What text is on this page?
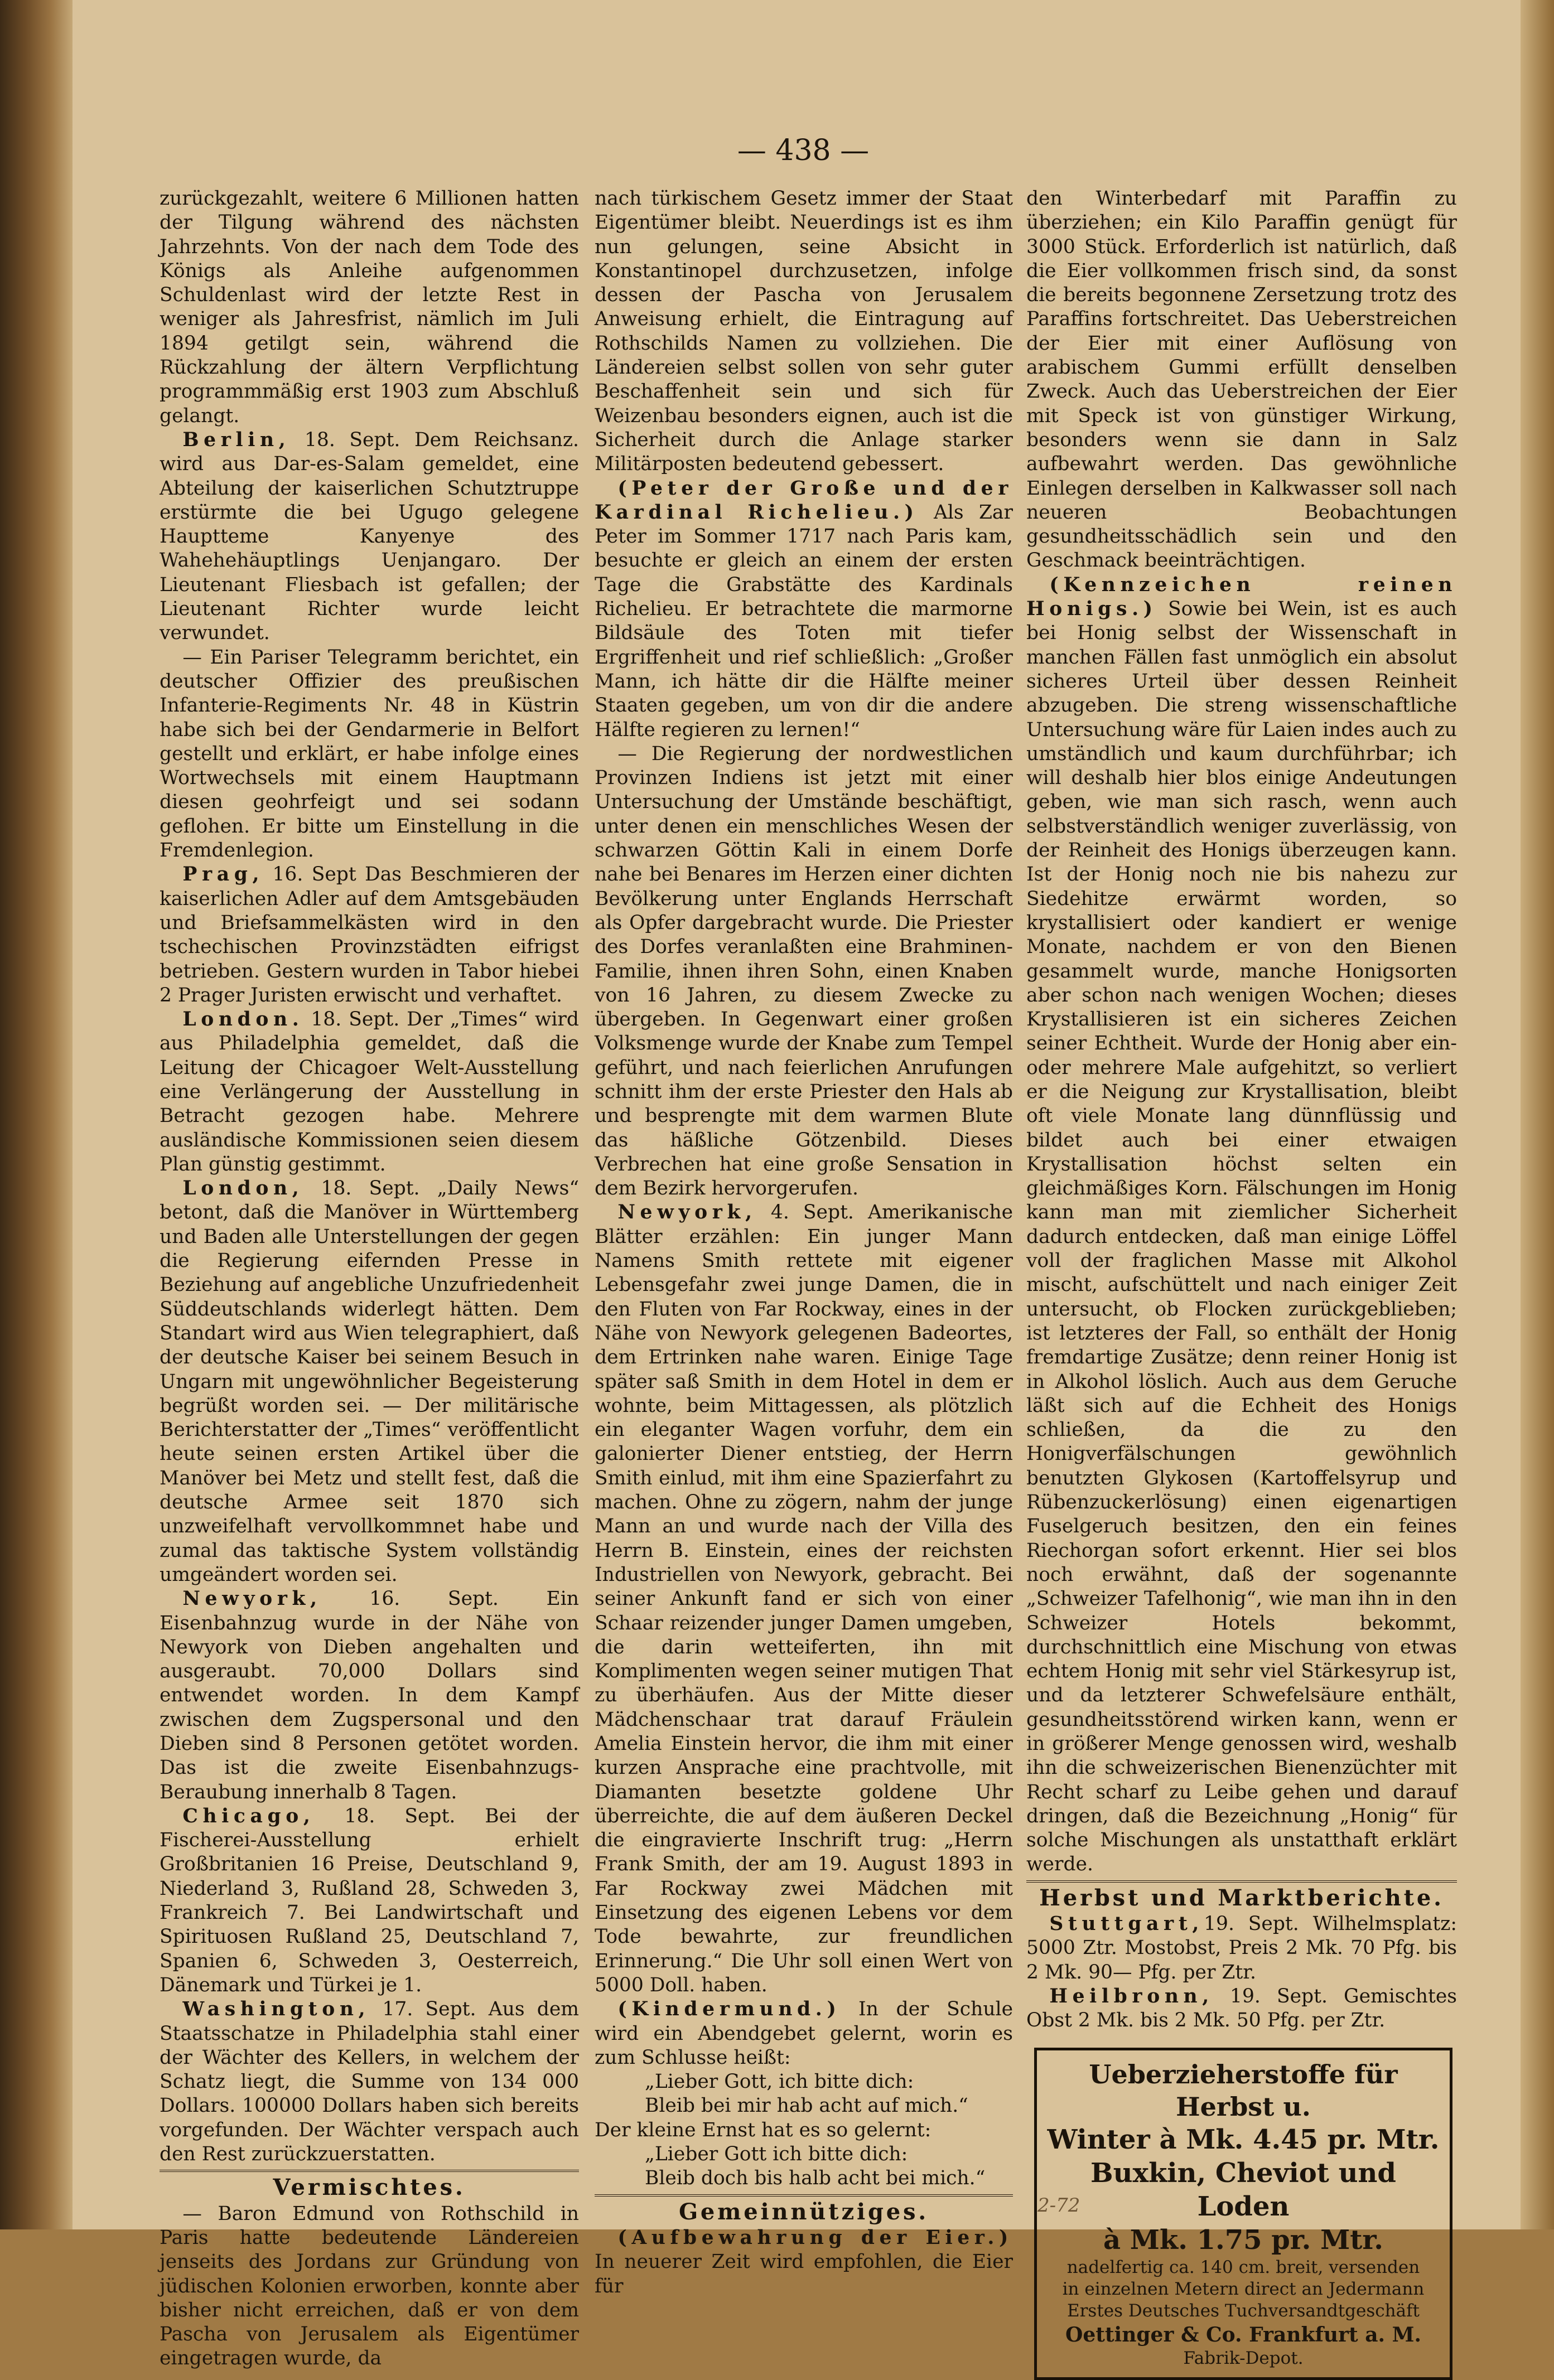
— 438 —

zurückgezahlt, weitere 6 Millionen hatten der Tilgung während des nächsten Jahrzehnts. Von der nach dem Tode des Königs als Anleihe aufgenommen Schuldenlast wird der letzte Rest in weniger als Jahresfrist, nämlich im Juli 1894 getilgt sein, während die Rückzahlung der ältern Verpflichtung programmmäßig erst 1903 zum Abschluß gelangt.

Berlin, 18. Sept. Dem Reichsanz. wird aus Dar-es-Salam gemeldet, eine Abteilung der kaiserlichen Schutztruppe erstürmte die bei Ugugo gelegene Hauptteme Kanyenye des Wahehehäuptlings Uenjangaro. Der Lieutenant Fliesbach ist gefallen; der Lieutenant Richter wurde leicht verwundet.

— Ein Pariser Telegramm berichtet, ein deutscher Offizier des preußischen Infanterie-Regiments Nr. 48 in Küstrin habe sich bei der Gendarmerie in Belfort gestellt und erklärt, er habe infolge eines Wortwechsels mit einem Hauptmann diesen geohrfeigt und sei sodann geflohen. Er bitte um Einstellung in die Fremdenlegion.

Prag, 16. Sept Das Beschmieren der kaiserlichen Adler auf dem Amtsgebäuden und Briefsammelkästen wird in den tschechischen Provinzstädten eifrigst betrieben. Gestern wurden in Tabor hiebei 2 Prager Juristen erwischt und verhaftet.

London. 18. Sept. Der „Times“ wird aus Philadelphia gemeldet, daß die Leitung der Chicagoer Welt-Ausstellung eine Verlängerung der Ausstellung in Betracht gezogen habe. Mehrere ausländische Kommissionen seien diesem Plan günstig gestimmt.

London, 18. Sept. „Daily News“ betont, daß die Manöver in Württemberg und Baden alle Unterstellungen der gegen die Regierung eifernden Presse in Beziehung auf angebliche Unzufriedenheit Süddeutschlands widerlegt hätten. Dem Standart wird aus Wien telegraphiert, daß der deutsche Kaiser bei seinem Besuch in Ungarn mit ungewöhnlicher Begeisterung begrüßt worden sei. — Der militärische Berichterstatter der „Times“ veröffentlicht heute seinen ersten Artikel über die Manöver bei Metz und stellt fest, daß die deutsche Armee seit 1870 sich unzweifelhaft vervollkommnet habe und zumal das taktische System vollständig umgeändert worden sei.

Newyork, 16. Sept. Ein Eisenbahnzug wurde in der Nähe von Newyork von Dieben angehalten und ausgeraubt. 70,000 Dollars sind entwendet worden. In dem Kampf zwischen dem Zugspersonal und den Dieben sind 8 Personen getötet worden. Das ist die zweite Eisenbahnzugs-Beraubung innerhalb 8 Tagen.

Chicago, 18. Sept. Bei der Fischerei-Ausstellung erhielt Großbritanien 16 Preise, Deutschland 9, Niederland 3, Rußland 28, Schweden 3, Frankreich 7. Bei Landwirtschaft und Spirituosen Rußland 25, Deutschland 7, Spanien 6, Schweden 3, Oesterreich, Dänemark und Türkei je 1.

Washington, 17. Sept. Aus dem Staatsschatze in Philadelphia stahl einer der Wächter des Kellers, in welchem der Schatz liegt, die Summe von 134 000 Dollars. 100000 Dollars haben sich bereits vorgefunden. Der Wächter verspach auch den Rest zurückzuerstatten.

Vermischtes.

— Baron Edmund von Rothschild in Paris hatte bedeutende Ländereien jenseits des Jordans zur Gründung von jüdischen Kolonien erworben, konnte aber bisher nicht erreichen, daß er von dem Pascha von Jerusalem als Eigentümer eingetragen wurde, da

nach türkischem Gesetz immer der Staat Eigentümer bleibt. Neuerdings ist es ihm nun gelungen, seine Absicht in Konstantinopel durchzusetzen, infolge dessen der Pascha von Jerusalem Anweisung erhielt, die Eintragung auf Rothschilds Namen zu vollziehen. Die Ländereien selbst sollen von sehr guter Beschaffenheit sein und sich für Weizenbau besonders eignen, auch ist die Sicherheit durch die Anlage starker Militärposten bedeutend gebessert.

(Peter der Große und der Kardinal Richelieu.) Als Zar Peter im Sommer 1717 nach Paris kam, besuchte er gleich an einem der ersten Tage die Grabstätte des Kardinals Richelieu. Er betrachtete die marmorne Bildsäule des Toten mit tiefer Ergriffenheit und rief schließlich: „Großer Mann, ich hätte dir die Hälfte meiner Staaten gegeben, um von dir die andere Hälfte regieren zu lernen!“

— Die Regierung der nordwestlichen Provinzen Indiens ist jetzt mit einer Untersuchung der Umstände beschäftigt, unter denen ein menschliches Wesen der schwarzen Göttin Kali in einem Dorfe nahe bei Benares im Herzen einer dichten Bevölkerung unter Englands Herrschaft als Opfer dargebracht wurde. Die Priester des Dorfes veranlaßten eine Brahminen-Familie, ihnen ihren Sohn, einen Knaben von 16 Jahren, zu diesem Zwecke zu übergeben. In Gegenwart einer großen Volksmenge wurde der Knabe zum Tempel geführt, und nach feierlichen Anrufungen schnitt ihm der erste Priester den Hals ab und besprengte mit dem warmen Blute das häßliche Götzenbild. Dieses Verbrechen hat eine große Sensation in dem Bezirk hervorgerufen.

Newyork, 4. Sept. Amerikanische Blätter erzählen: Ein junger Mann Namens Smith rettete mit eigener Lebensgefahr zwei junge Damen, die in den Fluten von Far Rockway, eines in der Nähe von Newyork gelegenen Badeortes, dem Ertrinken nahe waren. Einige Tage später saß Smith in dem Hotel in dem er wohnte, beim Mittagessen, als plötzlich ein eleganter Wagen vorfuhr, dem ein galonierter Diener entstieg, der Herrn Smith einlud, mit ihm eine Spazierfahrt zu machen. Ohne zu zögern, nahm der junge Mann an und wurde nach der Villa des Herrn B. Einstein, eines der reichsten Industriellen von Newyork, gebracht. Bei seiner Ankunft fand er sich von einer Schaar reizender junger Damen umgeben, die darin wetteiferten, ihn mit Komplimenten wegen seiner mutigen That zu überhäufen. Aus der Mitte dieser Mädchenschaar trat darauf Fräulein Amelia Einstein hervor, die ihm mit einer kurzen Ansprache eine prachtvolle, mit Diamanten besetzte goldene Uhr überreichte, die auf dem äußeren Deckel die eingravierte Inschrift trug: „Herrn Frank Smith, der am 19. August 1893 in Far Rockway zwei Mädchen mit Einsetzung des eigenen Lebens vor dem Tode bewahrte, zur freundlichen Erinnerung.“ Die Uhr soll einen Wert von 5000 Doll. haben.

(Kindermund.) In der Schule wird ein Abendgebet gelernt, worin es zum Schlusse heißt:

„Lieber Gott, ich bitte dich:

Bleib bei mir hab acht auf mich.“

Der kleine Ernst hat es so gelernt:

„Lieber Gott ich bitte dich:

Bleib doch bis halb acht bei mich.“

Gemeinnütziges.

(Aufbewahrung der Eier.) In neuerer Zeit wird empfohlen, die Eier für

den Winterbedarf mit Paraffin zu überziehen; ein Kilo Paraffin genügt für 3000 Stück. Erforderlich ist natürlich, daß die Eier vollkommen frisch sind, da sonst die bereits begonnene Zersetzung trotz des Paraffins fortschreitet. Das Ueberstreichen der Eier mit einer Auflösung von arabischem Gummi erfüllt denselben Zweck. Auch das Ueberstreichen der Eier mit Speck ist von günstiger Wirkung, besonders wenn sie dann in Salz aufbewahrt werden. Das gewöhnliche Einlegen derselben in Kalkwasser soll nach neueren Beobachtungen gesundheitsschädlich sein und den Geschmack beeinträchtigen.

(Kennzeichen reinen Honigs.) Sowie bei Wein, ist es auch bei Honig selbst der Wissenschaft in manchen Fällen fast unmöglich ein absolut sicheres Urteil über dessen Reinheit abzugeben. Die streng wissenschaftliche Untersuchung wäre für Laien indes auch zu umständlich und kaum durchführbar; ich will deshalb hier blos einige Andeutungen geben, wie man sich rasch, wenn auch selbstverständlich weniger zuverlässig, von der Reinheit des Honigs überzeugen kann. Ist der Honig noch nie bis nahezu zur Siedehitze erwärmt worden, so krystallisiert oder kandiert er wenige Monate, nachdem er von den Bienen gesammelt wurde, manche Honigsorten aber schon nach wenigen Wochen; dieses Krystallisieren ist ein sicheres Zeichen seiner Echtheit. Wurde der Honig aber ein- oder mehrere Male aufgehitzt, so verliert er die Neigung zur Krystallisation, bleibt oft viele Monate lang dünnflüssig und bildet auch bei einer etwaigen Krystallisation höchst selten ein gleichmäßiges Korn. Fälschungen im Honig kann man mit ziemlicher Sicherheit dadurch entdecken, daß man einige Löffel voll der fraglichen Masse mit Alkohol mischt, aufschüttelt und nach einiger Zeit untersucht, ob Flocken zurückgeblieben; ist letzteres der Fall, so enthält der Honig fremdartige Zusätze; denn reiner Honig ist in Alkohol löslich. Auch aus dem Geruche läßt sich auf die Echheit des Honigs schließen, da die zu den Honigverfälschungen gewöhnlich benutzten Glykosen (Kartoffelsyrup und Rübenzuckerlösung) einen eigenartigen Fuselgeruch besitzen, den ein feines Riechorgan sofort erkennt. Hier sei blos noch erwähnt, daß der sogenannte „Schweizer Tafelhonig“, wie man ihn in den Schweizer Hotels bekommt, durchschnittlich eine Mischung von etwas echtem Honig mit sehr viel Stärkesyrup ist, und da letzterer Schwefelsäure enthält, gesundheitsstörend wirken kann, wenn er in größerer Menge genossen wird, weshalb ihn die schweizerischen Bienenzüchter mit Recht scharf zu Leibe gehen und darauf dringen, daß die Bezeichnung „Honig“ für solche Mischungen als unstatthaft erklärt werde.

Herbst und Marktberichte.

Stuttgart,19. Sept. Wilhelmsplatz: 5000 Ztr. Mostobst, Preis 2 Mk. 70 Pfg. bis 2 Mk. 90— Pfg. per Ztr.

Heilbronn, 19. Sept. Gemischtes Obst 2 Mk. bis 2 Mk. 50 Pfg. per Ztr.

Ueberzieherstoffe für Herbst u.
Winter à Mk. 4.45 pr. Mtr.
Buxkin, Cheviot und Loden
à Mk. 1.75 pr. Mtr.
nadelfertig ca. 140 cm. breit, versenden
in einzelnen Metern direct an Jedermann
Erstes Deutsches Tuchversandtgeschäft
Oettinger & Co. Frankfurt a. M.
Fabrik-Depot.
2-72
